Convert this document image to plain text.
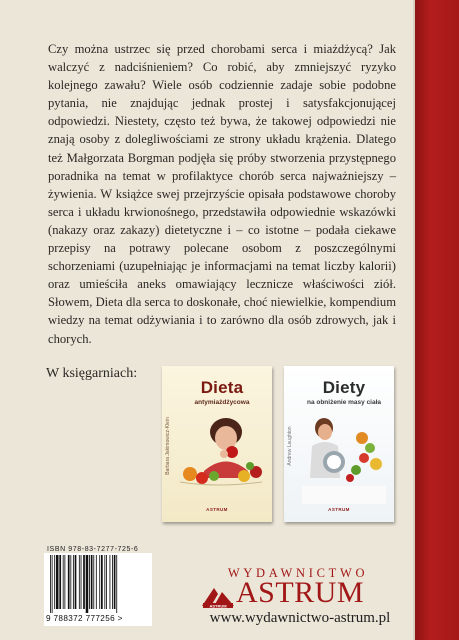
Czy można ustrzec się przed chorobami serca i miażdżycą? Jak walczyć z nadciśnieniem? Co robić, aby zmniejszyć ryzyko kolejnego zawału? Wiele osób codziennie zadaje sobie podobne pytania, nie znajdując jednak prostej i satysfakcjonującej odpowiedzi. Niestety, często też bywa, że takowej odpowiedzi nie znają osoby z dolegliwościami ze strony układu krążenia. Dlatego też Małgorzata Borgman podjęła się próby stworzenia przystępnego poradnika na temat w profilaktyce chorób serca najważniejszy – żywienia. W książce swej przejrzyście opisała podstawowe choroby serca i układu krwionośnego, przedstawiła odpowiednie wskazówki (nakazy oraz zakazy) dietetyczne i – co istotne – podała ciekawe przepisy na potrawy polecane osobom z poszczególnymi schorzeniami (uzupełniając je informacjami na temat liczby kalorii) oraz umieściła aneks omawiający lecznicze właściwości ziół. Słowem, Dieta dla serca to doskonałe, choć niewielkie, kompendium wiedzy na temat odżywiania i to zarówno dla osób zdrowych, jak i chorych.

W księgarniach:
Barbara Jakimowicz-Klein
Dieta
antymiażdżycowa

ASTRUM
Andrew Laughton
Diety
na obniżenie masy ciała

ASTRUM
ISBN 978-83-7277-725-6
9 788372 777256 >
WYDAWNICTWO
ASTRUM ASTRUM
www.wydawnictwo-astrum.pl
